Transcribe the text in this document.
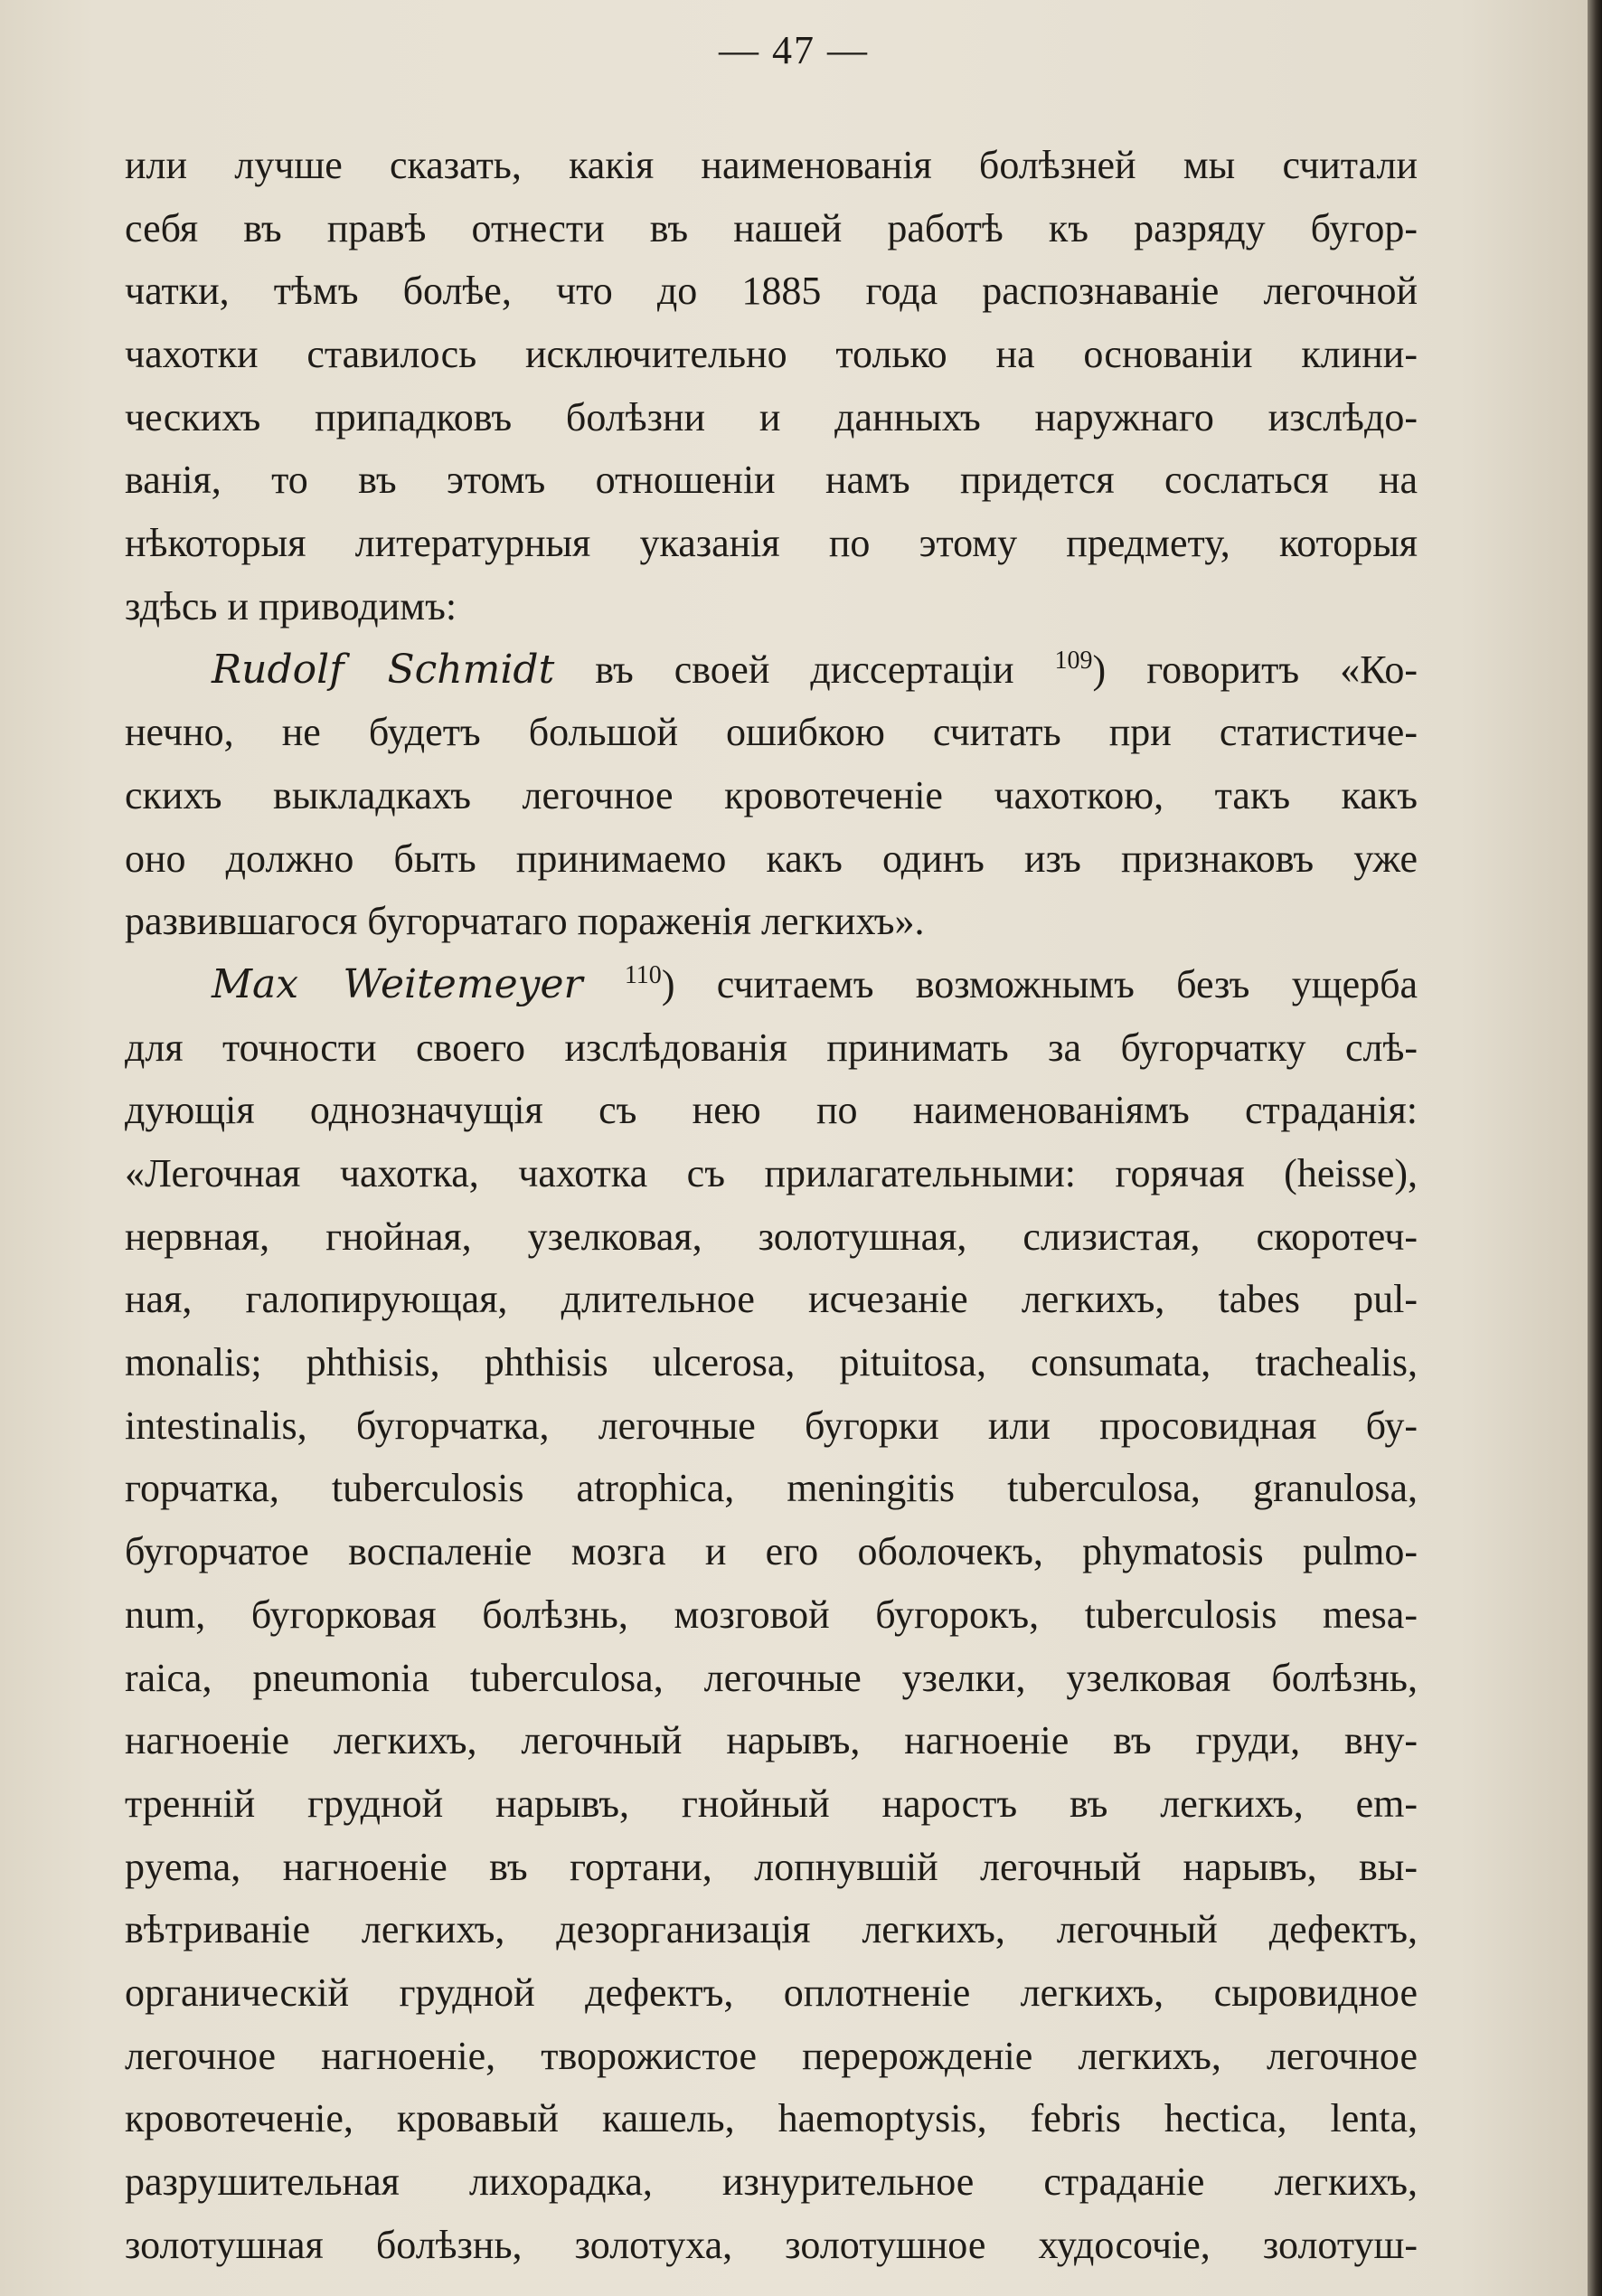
— 47 —
или лучше сказать, какія наименованія болѣзней мы считали
себя въ правѣ отнести въ нашей работѣ къ разряду бугор-
чатки, тѣмъ болѣе, что до 1885 года распознаваніе легочной
чахотки ставилось исключительно только на основаніи клини-
ческихъ припадковъ болѣзни и данныхъ наружнаго изслѣдо-
ванія, то въ этомъ отношеніи намъ придется сослаться на
нѣкоторыя литературныя указанія по этому предмету, которыя
здѣсь и приводимъ:
Rudolf Schmidt въ своей диссертаціи $^{109}$) говоритъ «Ко-
нечно, не будетъ большой ошибкою считать при статистиче-
скихъ выкладкахъ легочное кровотеченіе чахоткою, такъ какъ
оно должно быть принимаемо какъ одинъ изъ признаковъ уже
развившагося бугорчатаго пораженія легкихъ».
Max Weitemeyer $^{110}$) считаемъ возможнымъ безъ ущерба
для точности своего изслѣдованія принимать за бугорчатку слѣ-
дующія однозначущія съ нею по наименованіямъ страданія:
«Легочная чахотка, чахотка съ прилагательными: горячая (heisse),
нервная, гнойная, узелковая, золотушная, слизистая, скоротеч-
ная, галопирующая, длительное исчезаніе легкихъ, tabes pul-
monalis; phthisis, phthisis ulcerosa, pituitosa, consumata, trachealis,
intestinalis, бугорчатка, легочные бугорки или просовидная бу-
горчатка, tuberculosis atrophica, meningitis tuberculosa, granulosa,
бугорчатое воспаленіе мозга и его оболочекъ, phymatosis pulmo-
num, бугорковая болѣзнь, мозговой бугорокъ, tuberculosis mesa-
raica, pneumonia tuberculosa, легочные узелки, узелковая болѣзнь,
нагноеніе легкихъ, легочный нарывъ, нагноеніе въ груди, вну-
тренній грудной нарывъ, гнойный наростъ въ легкихъ, em-
pyema, нагноеніе въ гортани, лопнувшій легочный нарывъ, вы-
вѣтриваніе легкихъ, дезорганизація легкихъ, легочный дефектъ,
органическій грудной дефектъ, оплотненіе легкихъ, сыровидное
легочное нагноеніе, творожистое перерожденіе легкихъ, легочное
кровотеченіе, кровавый кашель, haemoptysis, febris hectica, lenta,
разрушительная лихорадка, изнурительное страданіе легкихъ,
золотушная болѣзнь, золотуха, золотушное худосочіе, золотуш-
